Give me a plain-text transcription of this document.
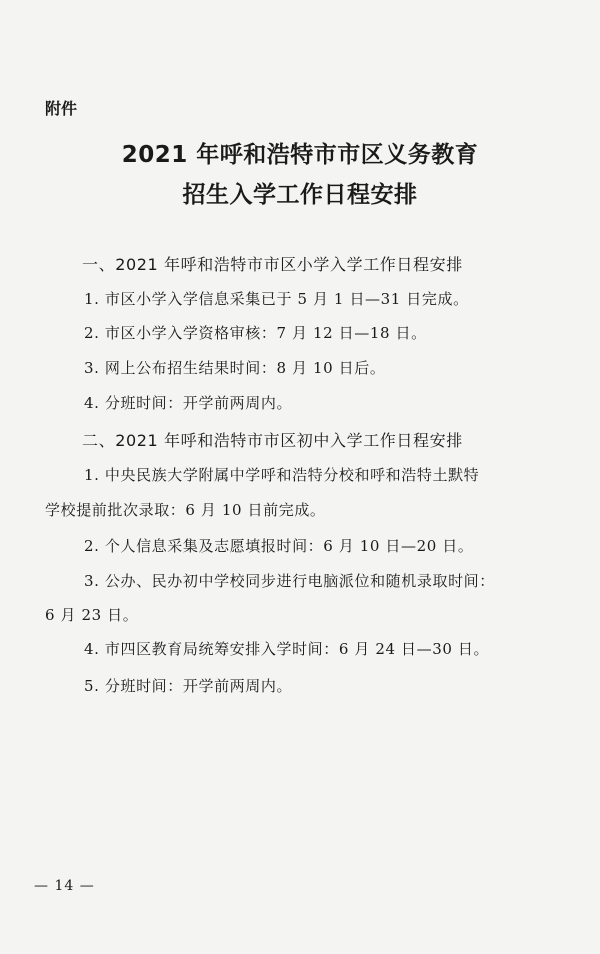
附件
2021 年呼和浩特市市区义务教育
招生入学工作日程安排
一、2021 年呼和浩特市市区小学入学工作日程安排
1. 市区小学入学信息采集已于 5 月 1 日—31 日完成。
2. 市区小学入学资格审核：7 月 12 日—18 日。
3. 网上公布招生结果时间：8 月 10 日后。
4. 分班时间：开学前两周内。
二、2021 年呼和浩特市市区初中入学工作日程安排
1. 中央民族大学附属中学呼和浩特分校和呼和浩特土默特
学校提前批次录取：6 月 10 日前完成。
2. 个人信息采集及志愿填报时间：6 月 10 日—20 日。
3. 公办、民办初中学校同步进行电脑派位和随机录取时间：
6 月 23 日。
4. 市四区教育局统筹安排入学时间：6 月 24 日—30 日。
5. 分班时间：开学前两周内。
— 14 —
